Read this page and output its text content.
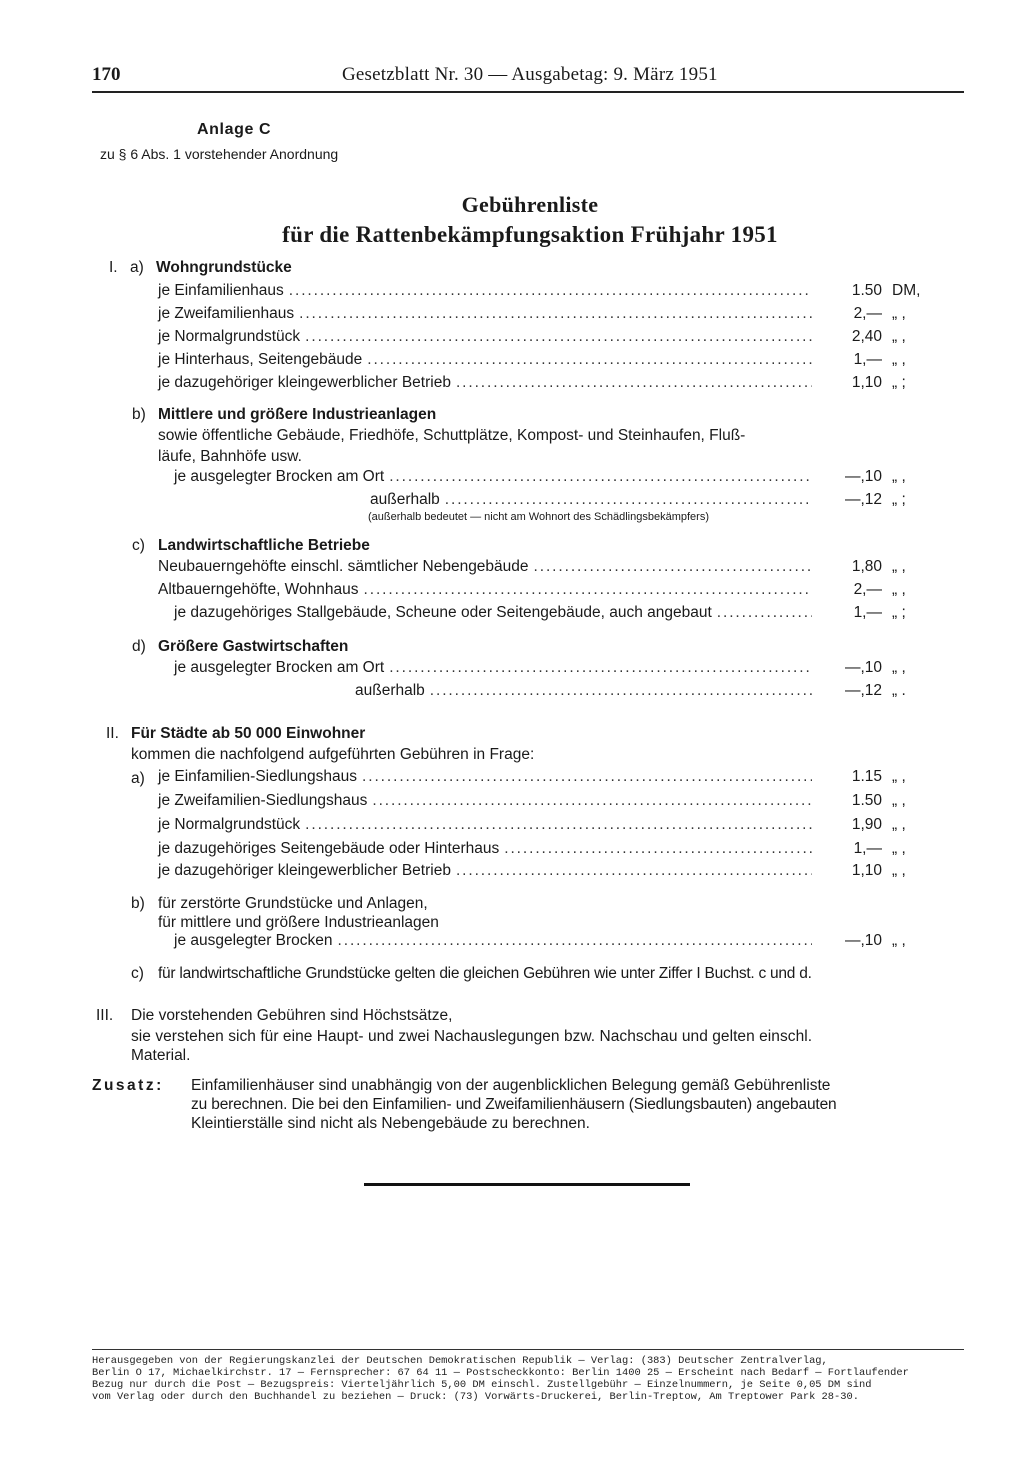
170	Gesetzblatt Nr. 30 — Ausgabetag: 9. März 1951
Anlage C
zu § 6 Abs. 1 vorstehender Anordnung
Gebührenliste
für die Rattenbekämpfungsaktion Frühjahr 1951
I. a) Wohngrundstücke
je Einfamilienhaus . . .	1.50 DM,
je Zweifamilienhaus . . .	2,— „ ,
je Normalgrundstück . . .	2,40 „ ,
je Hinterhaus, Seitengebäude . . .	1,— „ ,
je dazugehöriger kleingewerblicher Betrieb . . .	1,10 „ ;
b) Mittlere und größere Industrieanlagen
sowie öffentliche Gebäude, Friedhöfe, Schuttplätze, Kompost- und Steinhaufen, Fluß-
läufe, Bahnhöfe usw.
je ausgelegter Brocken am Ort . . .	—,10 „ ,
außerhalb . . .	—,12 „ ;
(außerhalb bedeutet — nicht am Wohnort des Schädlingsbekämpfers)
c) Landwirtschaftliche Betriebe
Neubauerngehöfte einschl. sämtlicher Nebengebäude . . .	1,80 „ ,
Altbauerngehöfte, Wohnhaus . . .	2,— „ ,
je dazugehöriges Stallgebäude, Scheune oder Seitengebäude, auch angebaut . . .	1,— „ ;
d) Größere Gastwirtschaften
je ausgelegter Brocken am Ort . . .	—,10 „ ,
außerhalb . . .	—,12 „ .
II. Für Städte ab 50 000 Einwohner
kommen die nachfolgend aufgeführten Gebühren in Frage:
a) je Einfamilien-Siedlungshaus . . .	1.15 „ ,
je Zweifamilien-Siedlungshaus . . .	1.50 „ ,
je Normalgrundstück . . .	1,90 „ ,
je dazugehöriges Seitengebäude oder Hinterhaus . . .	1,— „ ,
je dazugehöriger kleingewerblicher Betrieb . . .	1,10 „ ,
b) für zerstörte Grundstücke und Anlagen,
für mittlere und größere Industrieanlagen
je ausgelegter Brocken . . .	—,10 „ ,
c) für landwirtschaftliche Grundstücke gelten die gleichen Gebühren wie unter Ziffer I Buchst. c und d.
III. Die vorstehenden Gebühren sind Höchstsätze,
sie verstehen sich für eine Haupt- und zwei Nachauslegungen bzw. Nachschau und gelten einschl.
Material.
Zusatz: Einfamilienhäuser sind unabhängig von der augenblicklichen Belegung gemäß Gebührenliste
zu berechnen. Die bei den Einfamilien- und Zweifamilienhäusern (Siedlungsbauten) angebauten
Kleintierställe sind nicht als Nebengebäude zu berechnen.
Herausgegeben von der Regierungskanzlei der Deutschen Demokratischen Republik — Verlag: (383) Deutscher Zentralverlag,
Berlin O 17, Michaelkirchstr. 17 — Fernsprecher: 67 64 11 — Postscheckkonto: Berlin 1400 25 — Erscheint nach Bedarf — Fortlaufender
Bezug nur durch die Post — Bezugspreis: Vierteljährlich 5,00 DM einschl. Zustellgebühr — Einzelnummern, je Seite 0,05 DM sind
vom Verlag oder durch den Buchhandel zu beziehen — Druck: (73) Vorwärts-Druckerei, Berlin-Treptow, Am Treptower Park 28-30.
